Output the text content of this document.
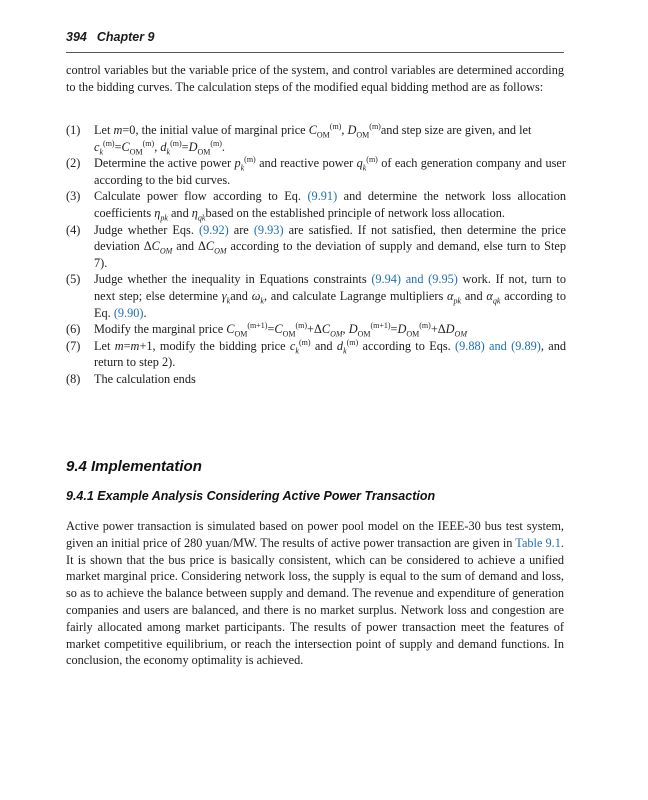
394 Chapter 9
control variables but the variable price of the system, and control variables are determined according to the bidding curves. The calculation steps of the modified equal bidding method are as follows:
(1)	Let m=0, the initial value of marginal price $C_{OM}^{(m)}$, $D_{OM}^{(m)}and$ step size are given, and let
$c_k^{(m)}=C_{OM}^{(m)}$, $d_k^{(m)}=D_{OM}^{(m)}$.
(2)	Determine the active power $p_k^{(m)}$ and reactive power $q_k^{(m)}$ of each generation company and user according to the bid curves.
(3)	Calculate power flow according to Eq. (9.91) and determine the network loss allocation coefficients $\eta_{pk}$ and $\eta_{qk}based$ on the established principle of network loss allocation.
(4)	Judge whether Eqs. (9.92) are (9.93) are satisfied. If not satisfied, then determine the price deviation $\Delta C_{OM}$ and $\Delta C_{OM}$ according to the deviation of supply and demand, else turn to Step 7).
(5)	Judge whether the inequality in Equations constraints (9.94) and (9.95) work. If not, turn to next step; else determine $\gamma_kand$ $\omega_k$, and calculate Lagrange multipliers $\alpha_{pk}$ and $\alpha_{qk}$ according to Eq. (9.90).
(6)	Modify the marginal price $C_{OM}^{(m+1)}=C_{OM}^{(m)}+\Delta C_{OM}$, $D_{OM}^{(m+1)}=D_{OM}^{(m)}+\Delta D_{OM}$
(7)	Let m=m+1, modify the bidding price $c_k^{(m)}$ and $d_k^{(m)}$ according to Eqs. (9.88) and (9.89), and return to step 2).
(8)	The calculation ends
9.4 Implementation
9.4.1 Example Analysis Considering Active Power Transaction
Active power transaction is simulated based on power pool model on the IEEE-30 bus test system, given an initial price of 280 yuan/MW. The results of active power transaction are given in Table 9.1. It is shown that the bus price is basically consistent, which can be considered to achieve a unified market marginal price. Considering network loss, the supply is equal to the sum of demand and loss, so as to achieve the balance between supply and demand. The revenue and expenditure of generation companies and users are balanced, and there is no market surplus. Network loss and congestion are fairly allocated among market participants. The results of power transaction meet the features of market competitive equilibrium, or reach the intersection point of supply and demand functions. In conclusion, the economy optimality is achieved.
